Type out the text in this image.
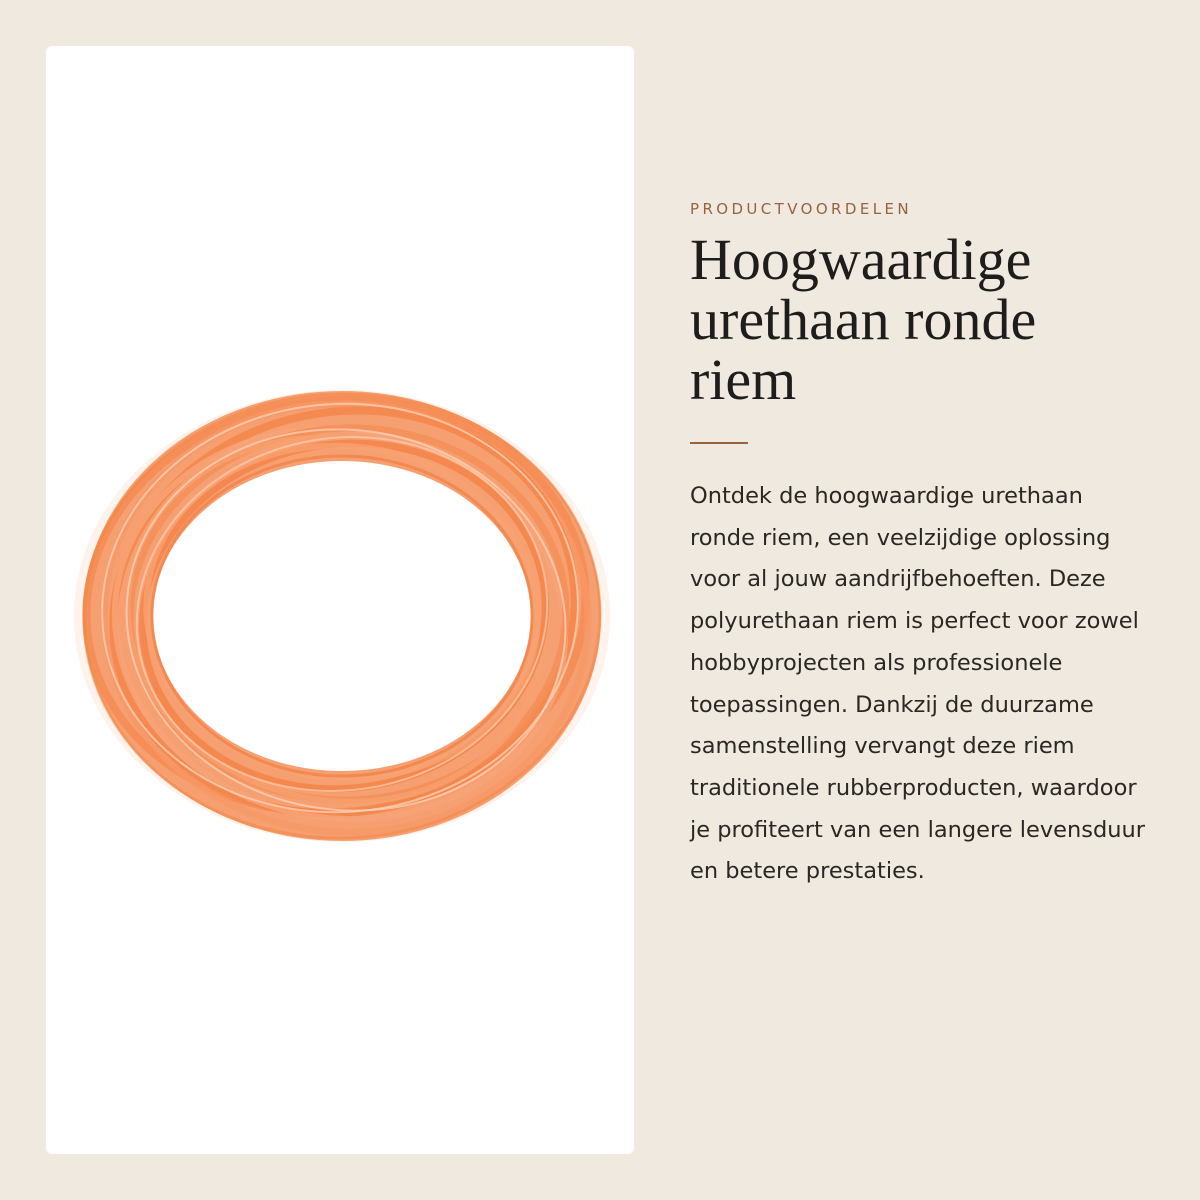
PRODUCTVOORDELEN

Hoogwaardige urethaan ronde riem

Ontdek de hoogwaardige urethaan ronde riem, een veelzijdige oplossing voor al jouw aandrijfbehoeften. Deze polyurethaan riem is perfect voor zowel hobbyprojecten als professionele toepassingen. Dankzij de duurzame samenstelling vervangt deze riem traditionele rubberproducten, waardoor je profiteert van een langere levensduur en betere prestaties.
